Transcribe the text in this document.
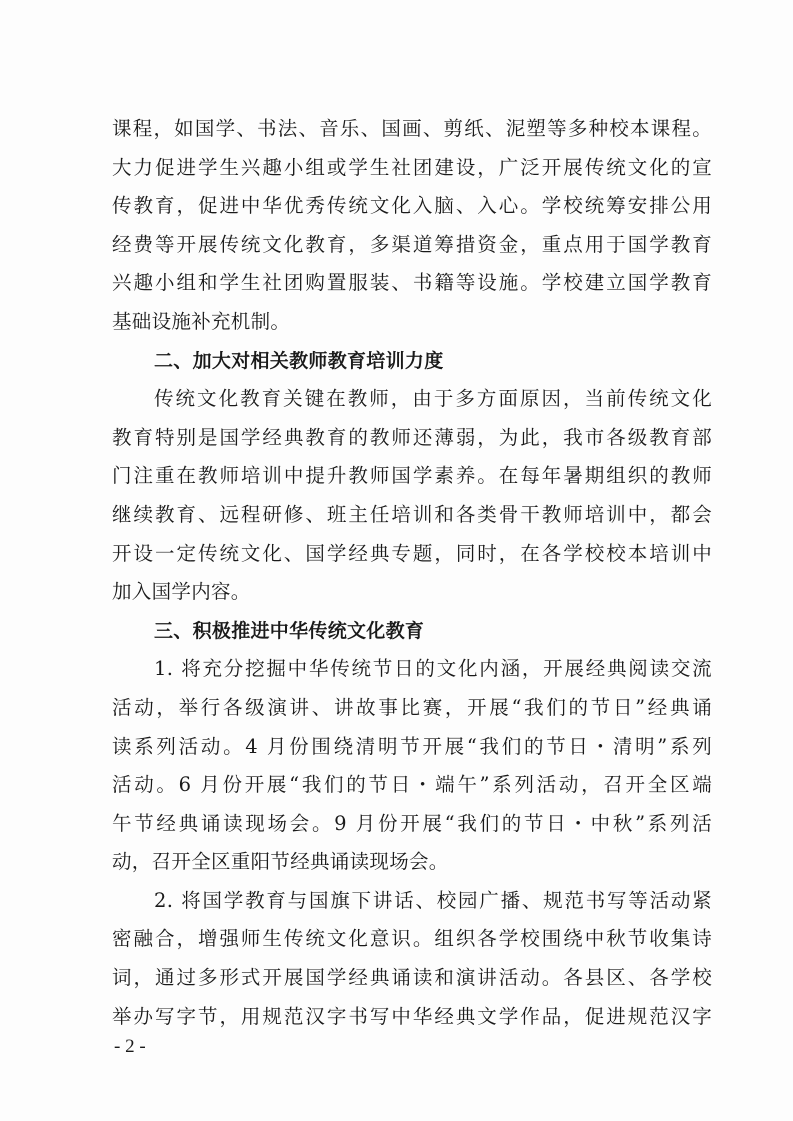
课程，如国学、书法、音乐、国画、剪纸、泥塑等多种校本课程。
大力促进学生兴趣小组或学生社团建设，广泛开展传统文化的宣
传教育，促进中华优秀传统文化入脑、入心。学校统筹安排公用
经费等开展传统文化教育，多渠道筹措资金，重点用于国学教育
兴趣小组和学生社团购置服装、书籍等设施。学校建立国学教育
基础设施补充机制。
二、加大对相关教师教育培训力度
传统文化教育关键在教师，由于多方面原因，当前传统文化
教育特别是国学经典教育的教师还薄弱，为此，我市各级教育部
门注重在教师培训中提升教师国学素养。在每年暑期组织的教师
继续教育、远程研修、班主任培训和各类骨干教师培训中，都会
开设一定传统文化、国学经典专题，同时，在各学校校本培训中
加入国学内容。
三、积极推进中华传统文化教育
1. 将充分挖掘中华传统节日的文化内涵，开展经典阅读交流
活动，举行各级演讲、讲故事比赛，开展“我们的节日”经典诵
读系列活动。4 月份围绕清明节开展“我们的节日・清明”系列
活动。6 月份开展“我们的节日・端午”系列活动，召开全区端
午节经典诵读现场会。9 月份开展“我们的节日・中秋”系列活
动，召开全区重阳节经典诵读现场会。
2. 将国学教育与国旗下讲话、校园广播、规范书写等活动紧
密融合，增强师生传统文化意识。组织各学校围绕中秋节收集诗
词，通过多形式开展国学经典诵读和演讲活动。各县区、各学校
举办写字节，用规范汉字书写中华经典文学作品，促进规范汉字
- 2 -
